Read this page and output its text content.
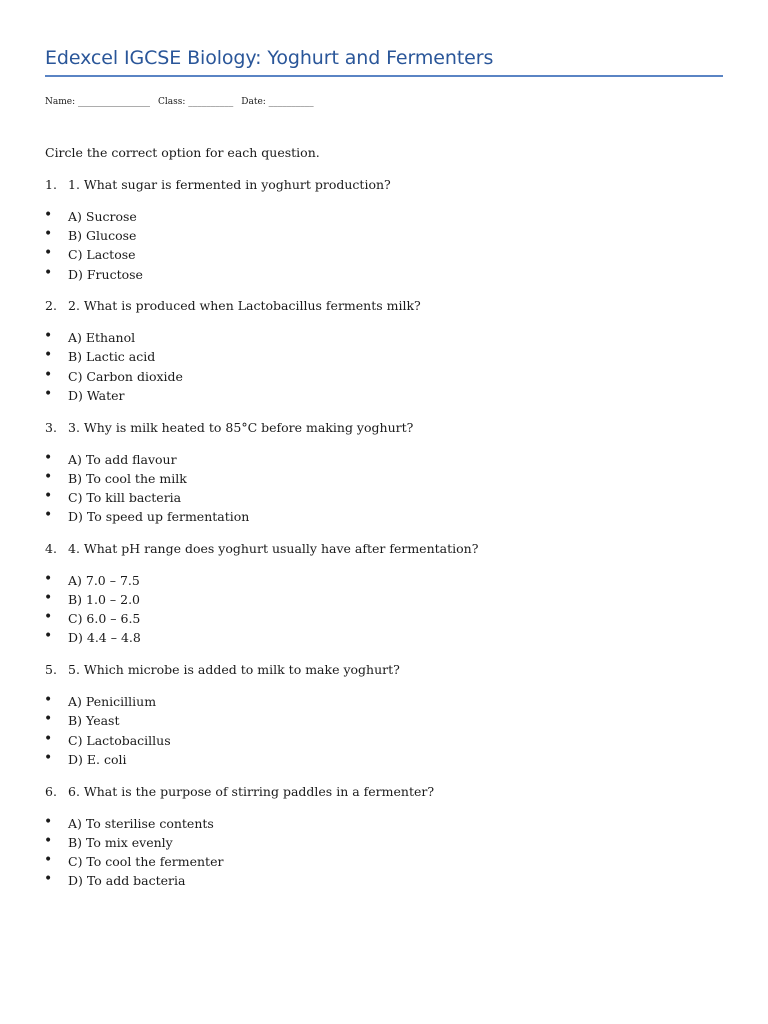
Edexcel IGCSE Biology: Yoghurt and Fermenters
Name: ________________ Class: __________ Date: __________
Circle the correct option for each question.
1. 1. What sugar is fermented in yoghurt production?
• A) Sucrose
• B) Glucose
• C) Lactose
• D) Fructose
2. 2. What is produced when Lactobacillus ferments milk?
• A) Ethanol
• B) Lactic acid
• C) Carbon dioxide
• D) Water
3. 3. Why is milk heated to 85°C before making yoghurt?
• A) To add flavour
• B) To cool the milk
• C) To kill bacteria
• D) To speed up fermentation
4. 4. What pH range does yoghurt usually have after fermentation?
• A) 7.0 – 7.5
• B) 1.0 – 2.0
• C) 6.0 – 6.5
• D) 4.4 – 4.8
5. 5. Which microbe is added to milk to make yoghurt?
• A) Penicillium
• B) Yeast
• C) Lactobacillus
• D) E. coli
6. 6. What is the purpose of stirring paddles in a fermenter?
• A) To sterilise contents
• B) To mix evenly
• C) To cool the fermenter
• D) To add bacteria
